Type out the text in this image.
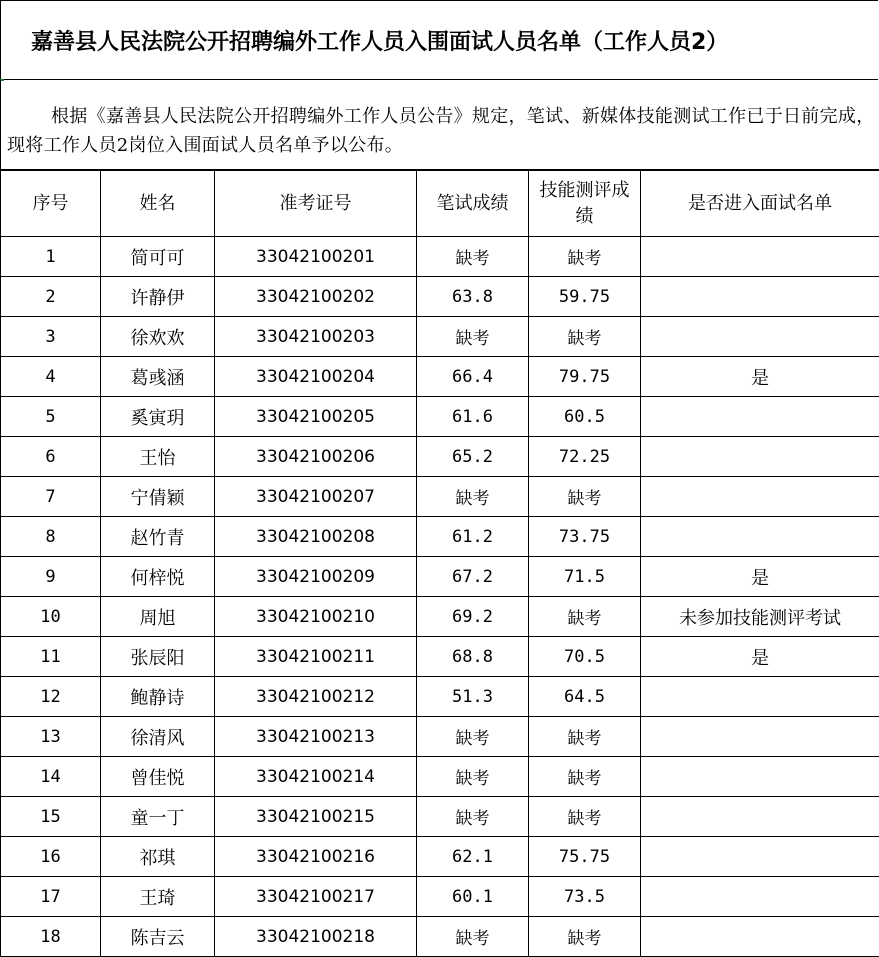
嘉善县人民法院公开招聘编外工作人员入围面试人员名单（工作人员2）
根据《嘉善县人民法院公开招聘编外工作人员公告》规定，笔试、新媒体技能测试工作已于日前完成，现将工作人员2岗位入围面试人员名单予以公布。
序号	姓名	准考证号	笔试成绩	技能测评成绩	是否进入面试名单
1	简可可	33042100201	缺考	缺考	
2	许静伊	33042100202	63.8	59.75	
3	徐欢欢	33042100203	缺考	缺考	
4	葛彧涵	33042100204	66.4	79.75	是
5	奚寅玥	33042100205	61.6	60.5	
6	王怡	33042100206	65.2	72.25	
7	宁倩颖	33042100207	缺考	缺考	
8	赵竹青	33042100208	61.2	73.75	
9	何梓悦	33042100209	67.2	71.5	是
10	周旭	33042100210	69.2	缺考	未参加技能测评考试
11	张辰阳	33042100211	68.8	70.5	是
12	鲍静诗	33042100212	51.3	64.5	
13	徐清风	33042100213	缺考	缺考	
14	曾佳悦	33042100214	缺考	缺考	
15	童一丁	33042100215	缺考	缺考	
16	祁琪	33042100216	62.1	75.75	
17	王琦	33042100217	60.1	73.5	
18	陈吉云	33042100218	缺考	缺考	
